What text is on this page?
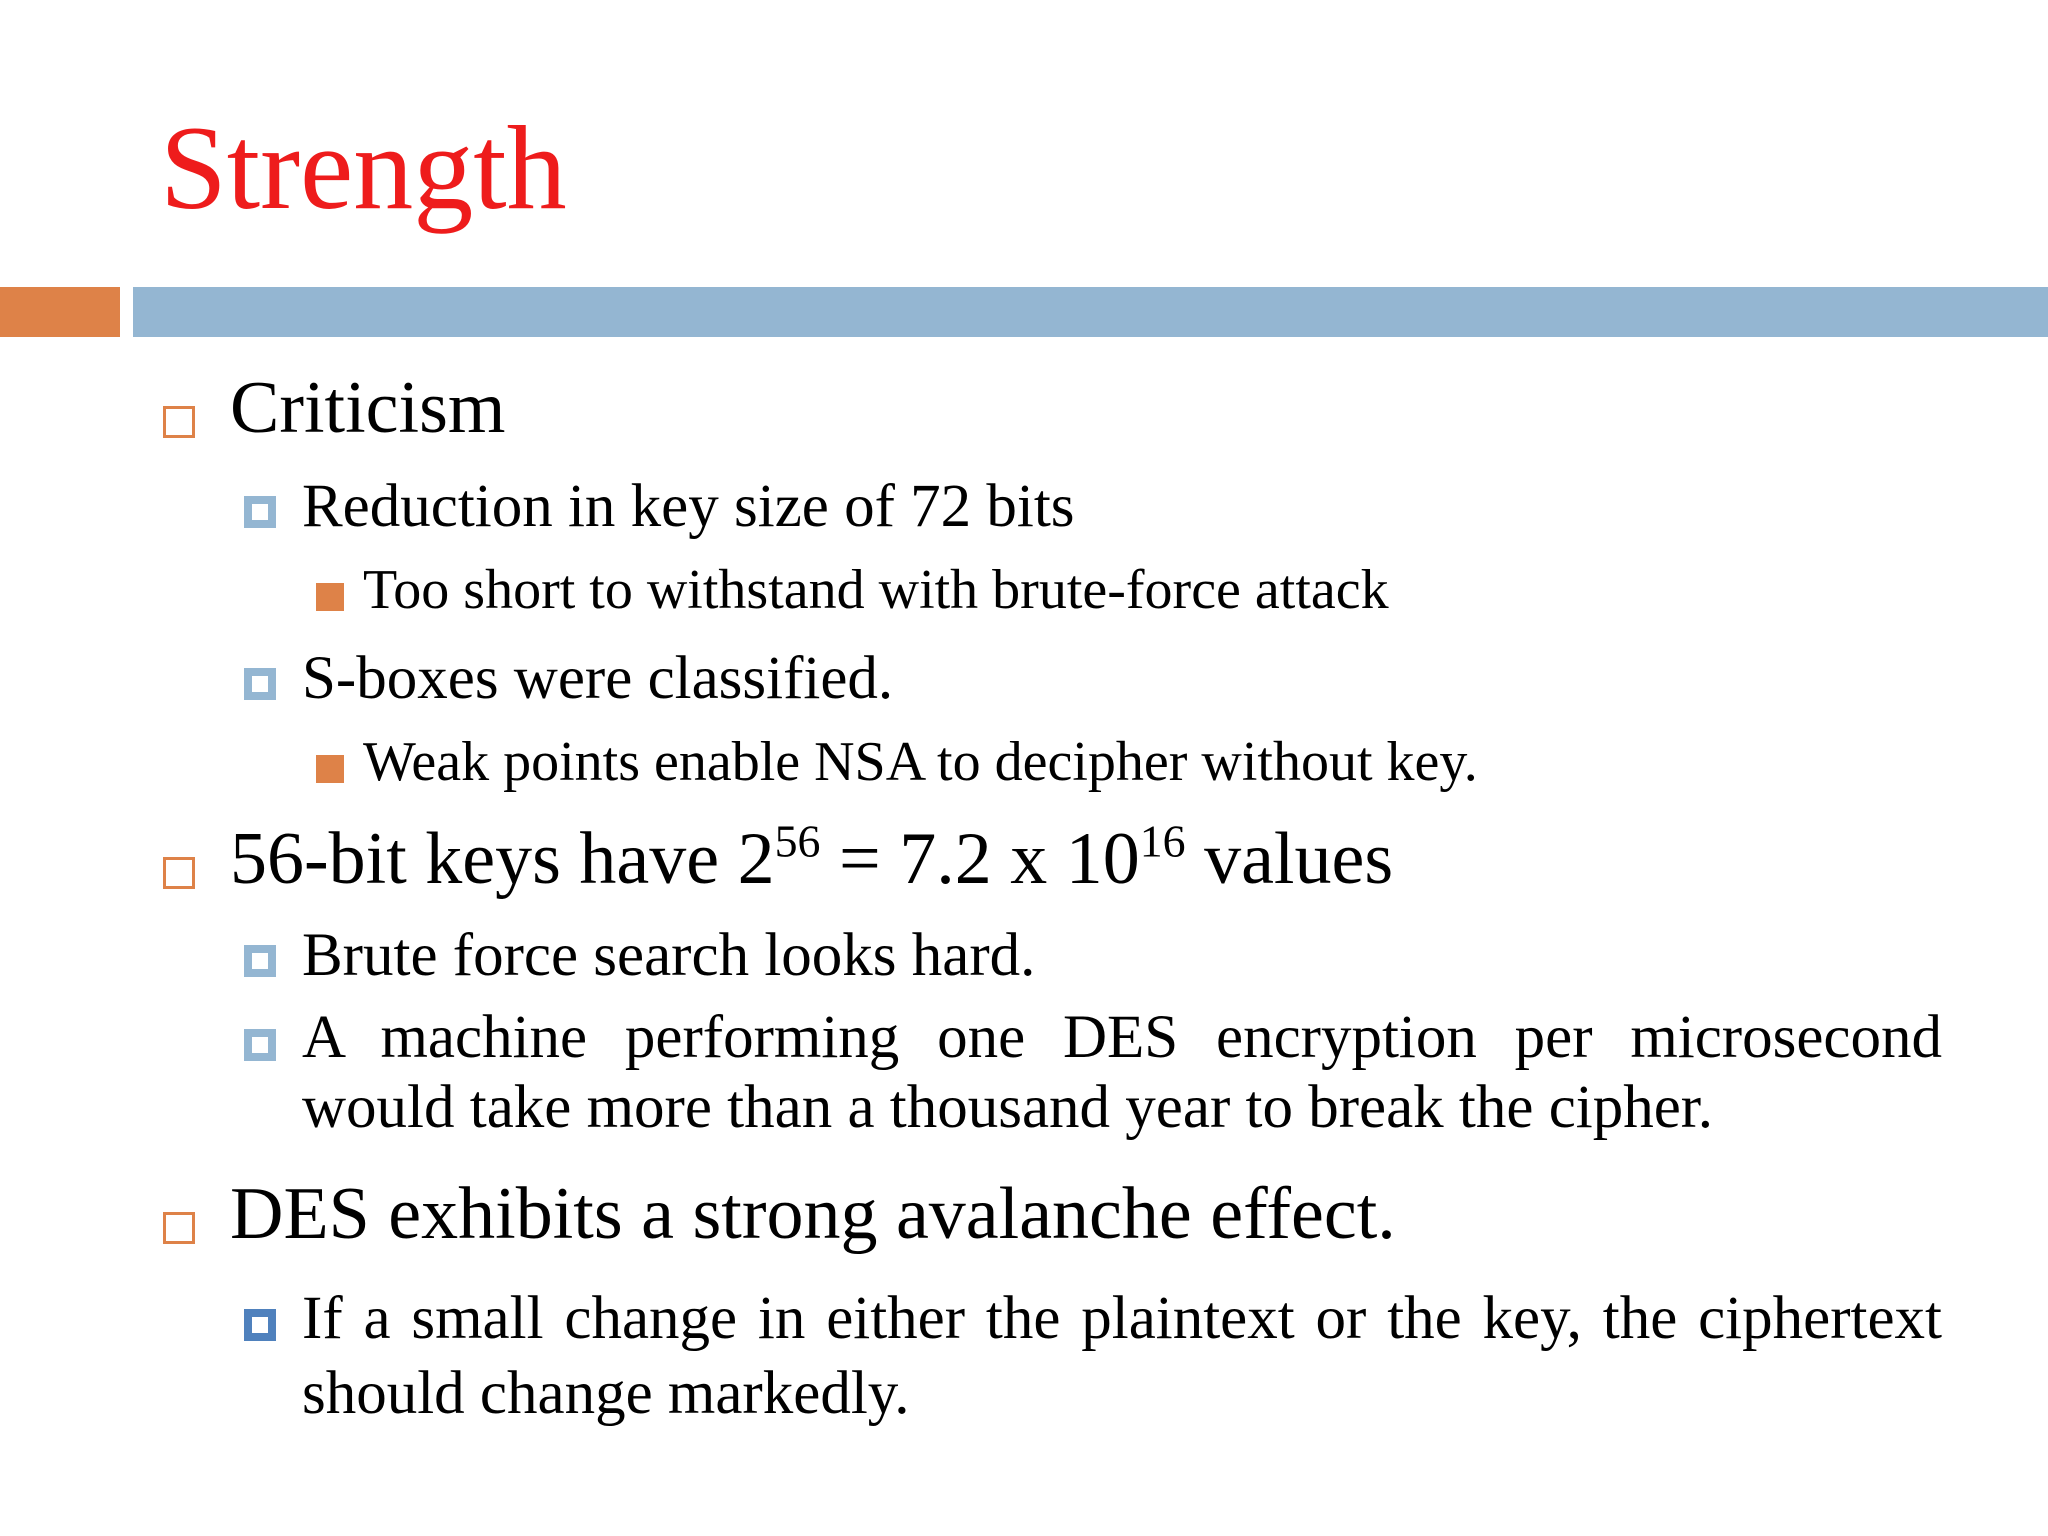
Strength

Criticism

Reduction in key size of 72 bits

Too short to withstand with brute-force attack

S-boxes were classified.

Weak points enable NSA to decipher without key.

56-bit keys have $2^{56} = 7.2$ x $10^{16}$ values

Brute force search looks hard.

A machine performing one DES encryption per microsecond would take more than a thousand year to break the cipher.

DES exhibits a strong avalanche effect.

If a small change in either the plaintext or the key, the ciphertext should change markedly.
